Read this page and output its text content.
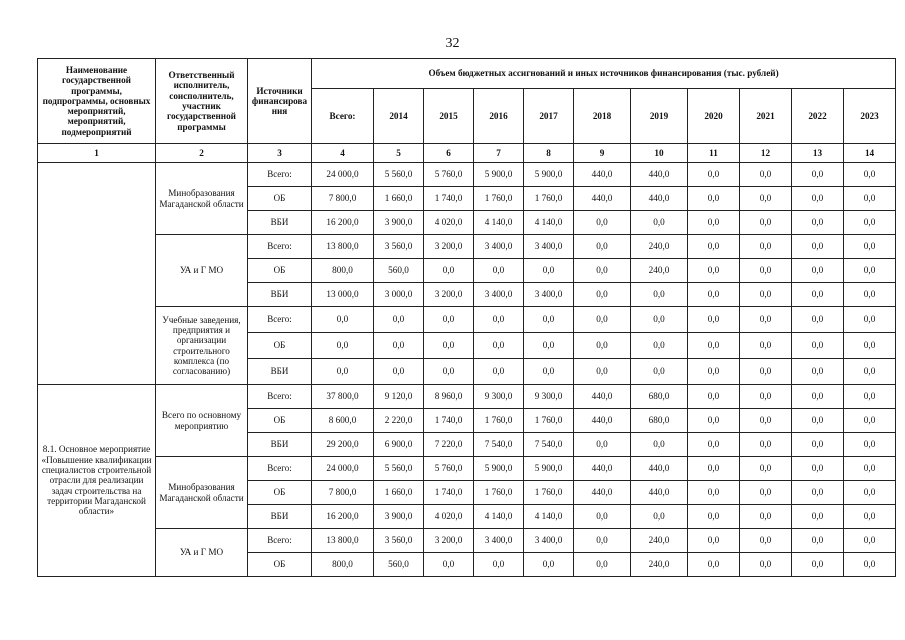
32
Наименование государственной программы, подпрограммы, основных мероприятий, мероприятий, подмероприятий	Ответственный исполнитель, соисполнитель, участник государственной программы	Источники финансирова ния	Объем бюджетных ассигнований и иных источников финансирования (тыс. рублей)										
			Всего:	2014	2015	2016	2017	2018	2019	2020	2021	2022	2023
1	2	3	4	5	6	7	8	9	10	11	12	13	14
	Минобразования Магаданской области	Всего:	24 000,0	5 560,0	5 760,0	5 900,0	5 900,0	440,0	440,0	0,0	0,0	0,0	0,0
		ОБ	7 800,0	1 660,0	1 740,0	1 760,0	1 760,0	440,0	440,0	0,0	0,0	0,0	0,0
		ВБИ	16 200,0	3 900,0	4 020,0	4 140,0	4 140,0	0,0	0,0	0,0	0,0	0,0	0,0
	УА и Г МО	Всего:	13 800,0	3 560,0	3 200,0	3 400,0	3 400,0	0,0	240,0	0,0	0,0	0,0	0,0
		ОБ	800,0	560,0	0,0	0,0	0,0	0,0	240,0	0,0	0,0	0,0	0,0
		ВБИ	13 000,0	3 000,0	3 200,0	3 400,0	3 400,0	0,0	0,0	0,0	0,0	0,0	0,0
	Учебные заведения, предприятия и организации строительного комплекса (по согласованию)	Всего:	0,0	0,0	0,0	0,0	0,0	0,0	0,0	0,0	0,0	0,0	0,0
		ОБ	0,0	0,0	0,0	0,0	0,0	0,0	0,0	0,0	0,0	0,0	0,0
		ВБИ	0,0	0,0	0,0	0,0	0,0	0,0	0,0	0,0	0,0	0,0	0,0
8.1. Основное мероприятие «Повышение квалификации специалистов строительной отрасли для реализации задач строительства на территории Магаданской области»	Всего по основному мероприятию	Всего:	37 800,0	9 120,0	8 960,0	9 300,0	9 300,0	440,0	680,0	0,0	0,0	0,0	0,0
		ОБ	8 600,0	2 220,0	1 740,0	1 760,0	1 760,0	440,0	680,0	0,0	0,0	0,0	0,0
		ВБИ	29 200,0	6 900,0	7 220,0	7 540,0	7 540,0	0,0	0,0	0,0	0,0	0,0	0,0
	Минобразования Магаданской области	Всего:	24 000,0	5 560,0	5 760,0	5 900,0	5 900,0	440,0	440,0	0,0	0,0	0,0	0,0
		ОБ	7 800,0	1 660,0	1 740,0	1 760,0	1 760,0	440,0	440,0	0,0	0,0	0,0	0,0
		ВБИ	16 200,0	3 900,0	4 020,0	4 140,0	4 140,0	0,0	0,0	0,0	0,0	0,0	0,0
	УА и Г МО	Всего:	13 800,0	3 560,0	3 200,0	3 400,0	3 400,0	0,0	240,0	0,0	0,0	0,0	0,0
		ОБ	800,0	560,0	0,0	0,0	0,0	0,0	240,0	0,0	0,0	0,0	0,0
